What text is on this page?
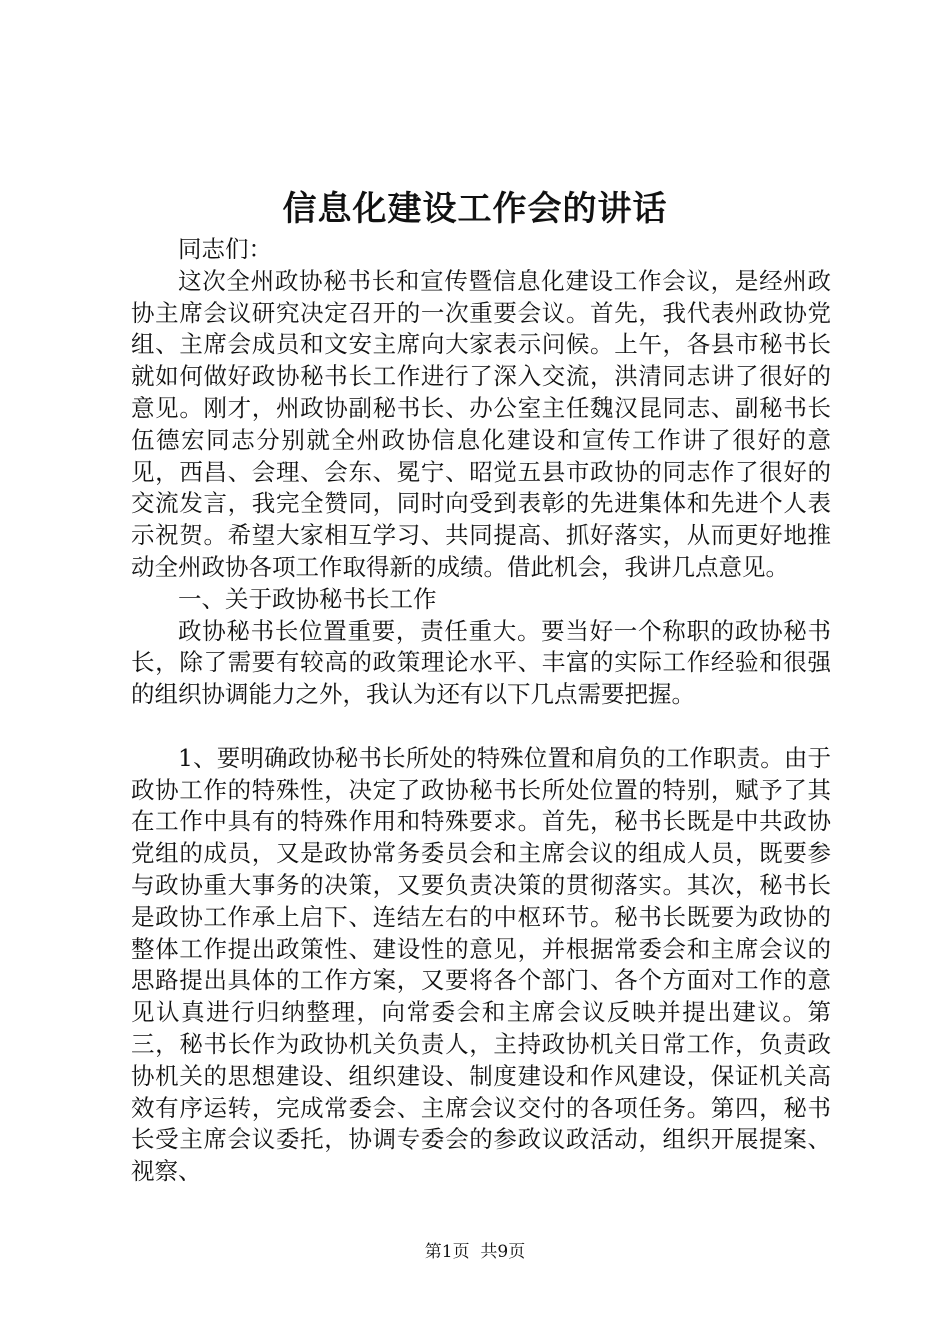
信息化建设工作会的讲话

同志们：

这次全州政协秘书长和宣传暨信息化建设工作会议，是经州政协主席会议研究决定召开的一次重要会议。首先，我代表州政协党组、主席会成员和文安主席向大家表示问候。上午，各县市秘书长就如何做好政协秘书长工作进行了深入交流，洪清同志讲了很好的意见。刚才，州政协副秘书长、办公室主任魏汉昆同志、副秘书长伍德宏同志分别就全州政协信息化建设和宣传工作讲了很好的意见，西昌、会理、会东、冕宁、昭觉五县市政协的同志作了很好的交流发言，我完全赞同，同时向受到表彰的先进集体和先进个人表示祝贺。希望大家相互学习、共同提高、抓好落实，从而更好地推动全州政协各项工作取得新的成绩。借此机会，我讲几点意见。

一、关于政协秘书长工作

政协秘书长位置重要，责任重大。要当好一个称职的政协秘书长，除了需要有较高的政策理论水平、丰富的实际工作经验和很强的组织协调能力之外，我认为还有以下几点需要把握。

1、要明确政协秘书长所处的特殊位置和肩负的工作职责。由于政协工作的特殊性，决定了政协秘书长所处位置的特别，赋予了其在工作中具有的特殊作用和特殊要求。首先，秘书长既是中共政协党组的成员，又是政协常务委员会和主席会议的组成人员，既要参与政协重大事务的决策，又要负责决策的贯彻落实。其次，秘书长是政协工作承上启下、连结左右的中枢环节。秘书长既要为政协的整体工作提出政策性、建设性的意见，并根据常委会和主席会议的思路提出具体的工作方案，又要将各个部门、各个方面对工作的意见认真进行归纳整理，向常委会和主席会议反映并提出建议。第三，秘书长作为政协机关负责人，主持政协机关日常工作，负责政协机关的思想建设、组织建设、制度建设和作风建设，保证机关高效有序运转，完成常委会、主席会议交付的各项任务。第四，秘书长受主席会议委托，协调专委会的参政议政活动，组织开展提案、视察、

第1页  共9页
